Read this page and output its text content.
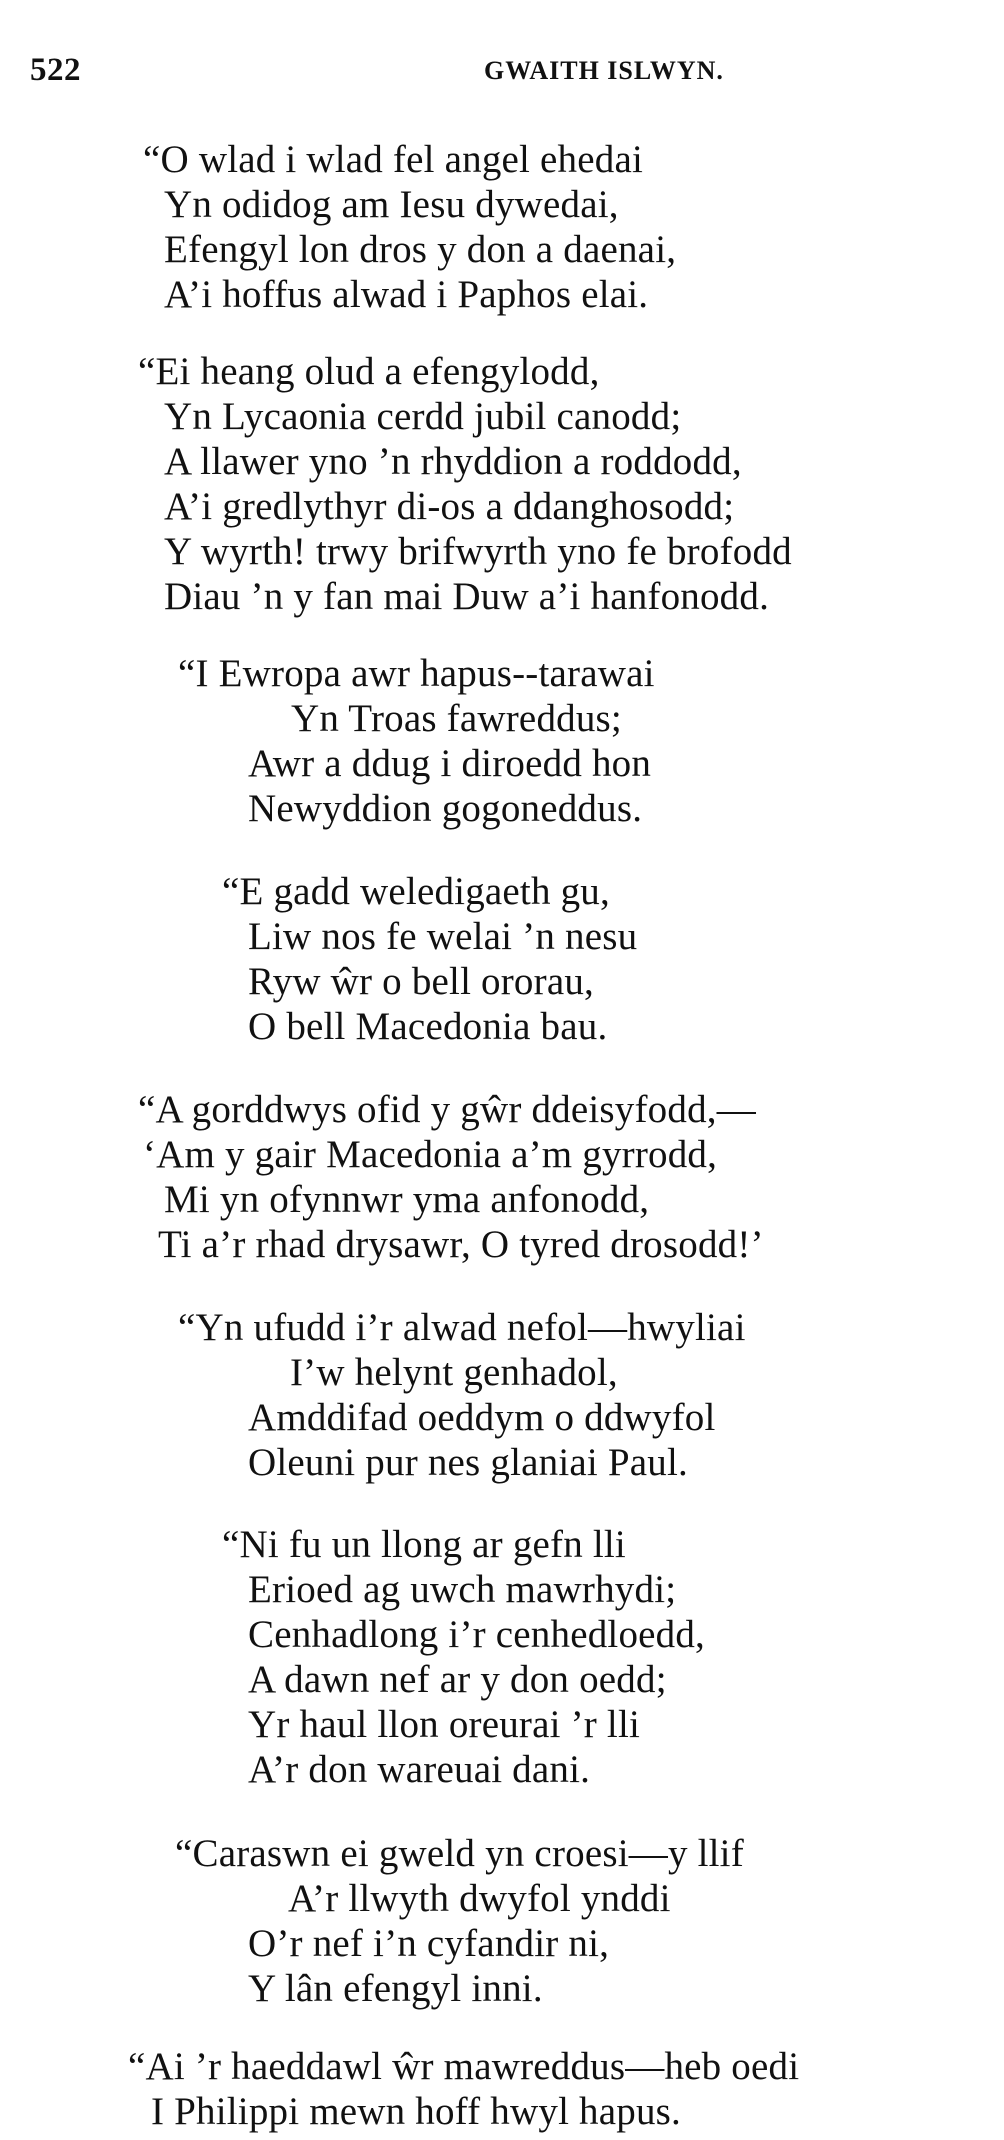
522	GWAITH ISLWYN.
“O wlad i wlad fel angel ehedai
Yn odidog am Iesu dywedai,
Efengyl lon dros y don a daenai,
A’i hoffus alwad i Paphos elai.
“Ei heang olud a efengylodd,
Yn Lycaonia cerdd jubil canodd;
A llawer yno ’n rhyddion a roddodd,
A’i gredlythyr di-os a ddanghosodd;
Y wyrth! trwy brifwyrth yno fe brofodd
Diau ’n y fan mai Duw a’i hanfonodd.
“I Ewropa awr hapus--tarawai
Yn Troas fawreddus;
Awr a ddug i diroedd hon
Newyddion gogoneddus.
“E gadd weledigaeth gu,
Liw nos fe welai ’n nesu
Ryw ŵr o bell ororau,
O bell Macedonia bau.
“A gorddwys ofid y gŵr ddeisyfodd,—
‘Am y gair Macedonia a’m gyrrodd,
Mi yn ofynnwr yma anfonodd,
Ti a’r rhad drysawr, O tyred drosodd!’
“Yn ufudd i’r alwad nefol—hwyliai
I’w helynt genhadol,
Amddifad oeddym o ddwyfol
Oleuni pur nes glaniai Paul.
“Ni fu un llong ar gefn lli
Erioed ag uwch mawrhydi;
Cenhadlong i’r cenhedloedd,
A dawn nef ar y don oedd;
Yr haul llon oreurai ’r lli
A’r don wareuai dani.
“Caraswn ei gweld yn croesi—y llif
A’r llwyth dwyfol ynddi
O’r nef i’n cyfandir ni,
Y lân efengyl inni.
“Ai ’r haeddawl ŵr mawreddus—heb oedi
I Philippi mewn hoff hwyl hapus.
